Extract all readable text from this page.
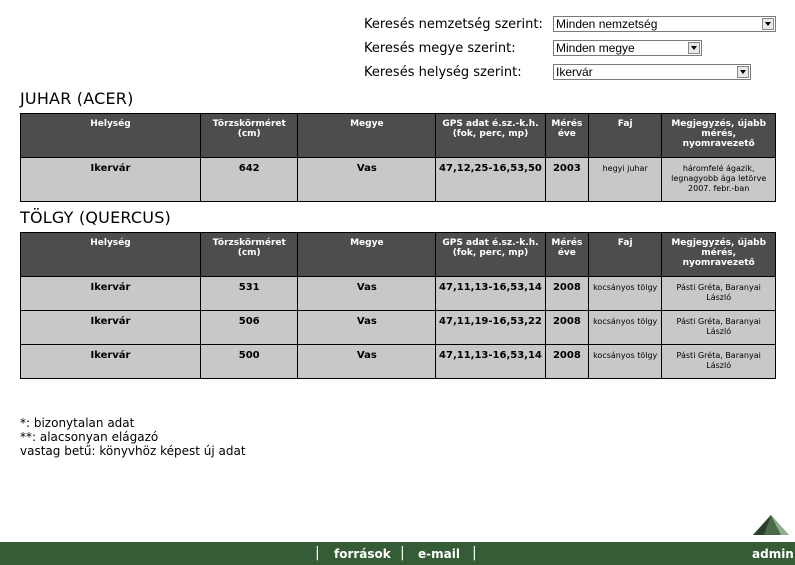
Keresés nemzetség szerint: Minden nemzetség
Keresés megye szerint:	Minden megye
Keresés helység szerint:	Ikervár
JUHAR (ACER)
Helység	Törzskörméret (cm)	Megye	GPS adat é.sz.-k.h. (fok, perc, mp)	Mérés éve	Faj	Megjegyzés, újabb mérés, nyomravezető
Ikervár	642	Vas	47,12,25-16,53,50	2003	hegyi juhar	háromfelé ágazik, legnagyobb ága letörve 2007. febr.-ban
TÖLGY (QUERCUS)
Helység	Törzskörméret (cm)	Megye	GPS adat é.sz.-k.h. (fok, perc, mp)	Mérés éve	Faj	Megjegyzés, újabb mérés, nyomravezető
Ikervár	531	Vas	47,11,13-16,53,14	2008	kocsányos tölgy	Pásti Gréta, Baranyai László
Ikervár	506	Vas	47,11,19-16,53,22	2008	kocsányos tölgy	Pásti Gréta, Baranyai László
Ikervár	500	Vas	47,11,13-16,53,14	2008	kocsányos tölgy	Pásti Gréta, Baranyai László
*: bizonytalan adat
**: alacsonyan elágazó
vastag betű: könyvhöz képest új adat
| források | e-mail |	admin
